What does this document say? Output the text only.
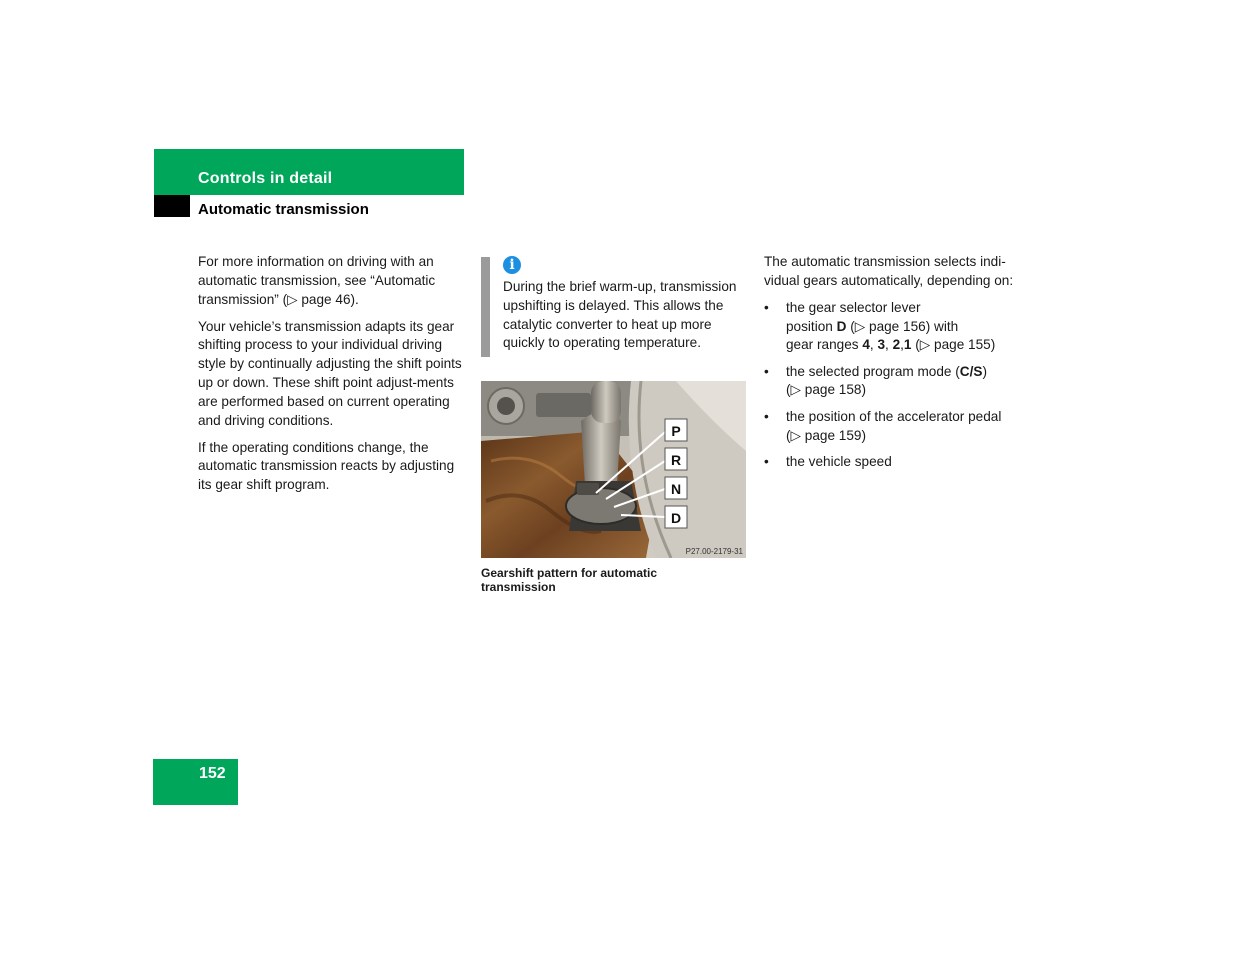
Controls in detail
Automatic transmission

For more information on driving with an automatic transmission, see “Automatic transmission” (▷ page 46).

Your vehicle’s transmission adapts its gear shifting process to your individual driving style by continually adjusting the shift points up or down. These shift point adjust-ments are performed based on current operating and driving conditions.

If the operating conditions change, the automatic transmission reacts by adjusting its gear shift program.

i
During the brief warm-up, transmission upshifting is delayed. This allows the catalytic converter to heat up more quickly to operating temperature.
P
R
N
D
P27.00-2179-31
Gearshift pattern for automatic transmission

The automatic transmission selects indi-vidual gears automatically, depending on:

• the gear selector lever
position D (▷ page 156) with
gear ranges 4, 3, 2,1 (▷ page 155)
• the selected program mode (C/S)
(▷ page 158)
• the position of the accelerator pedal
(▷ page 159)
• the vehicle speed
152
